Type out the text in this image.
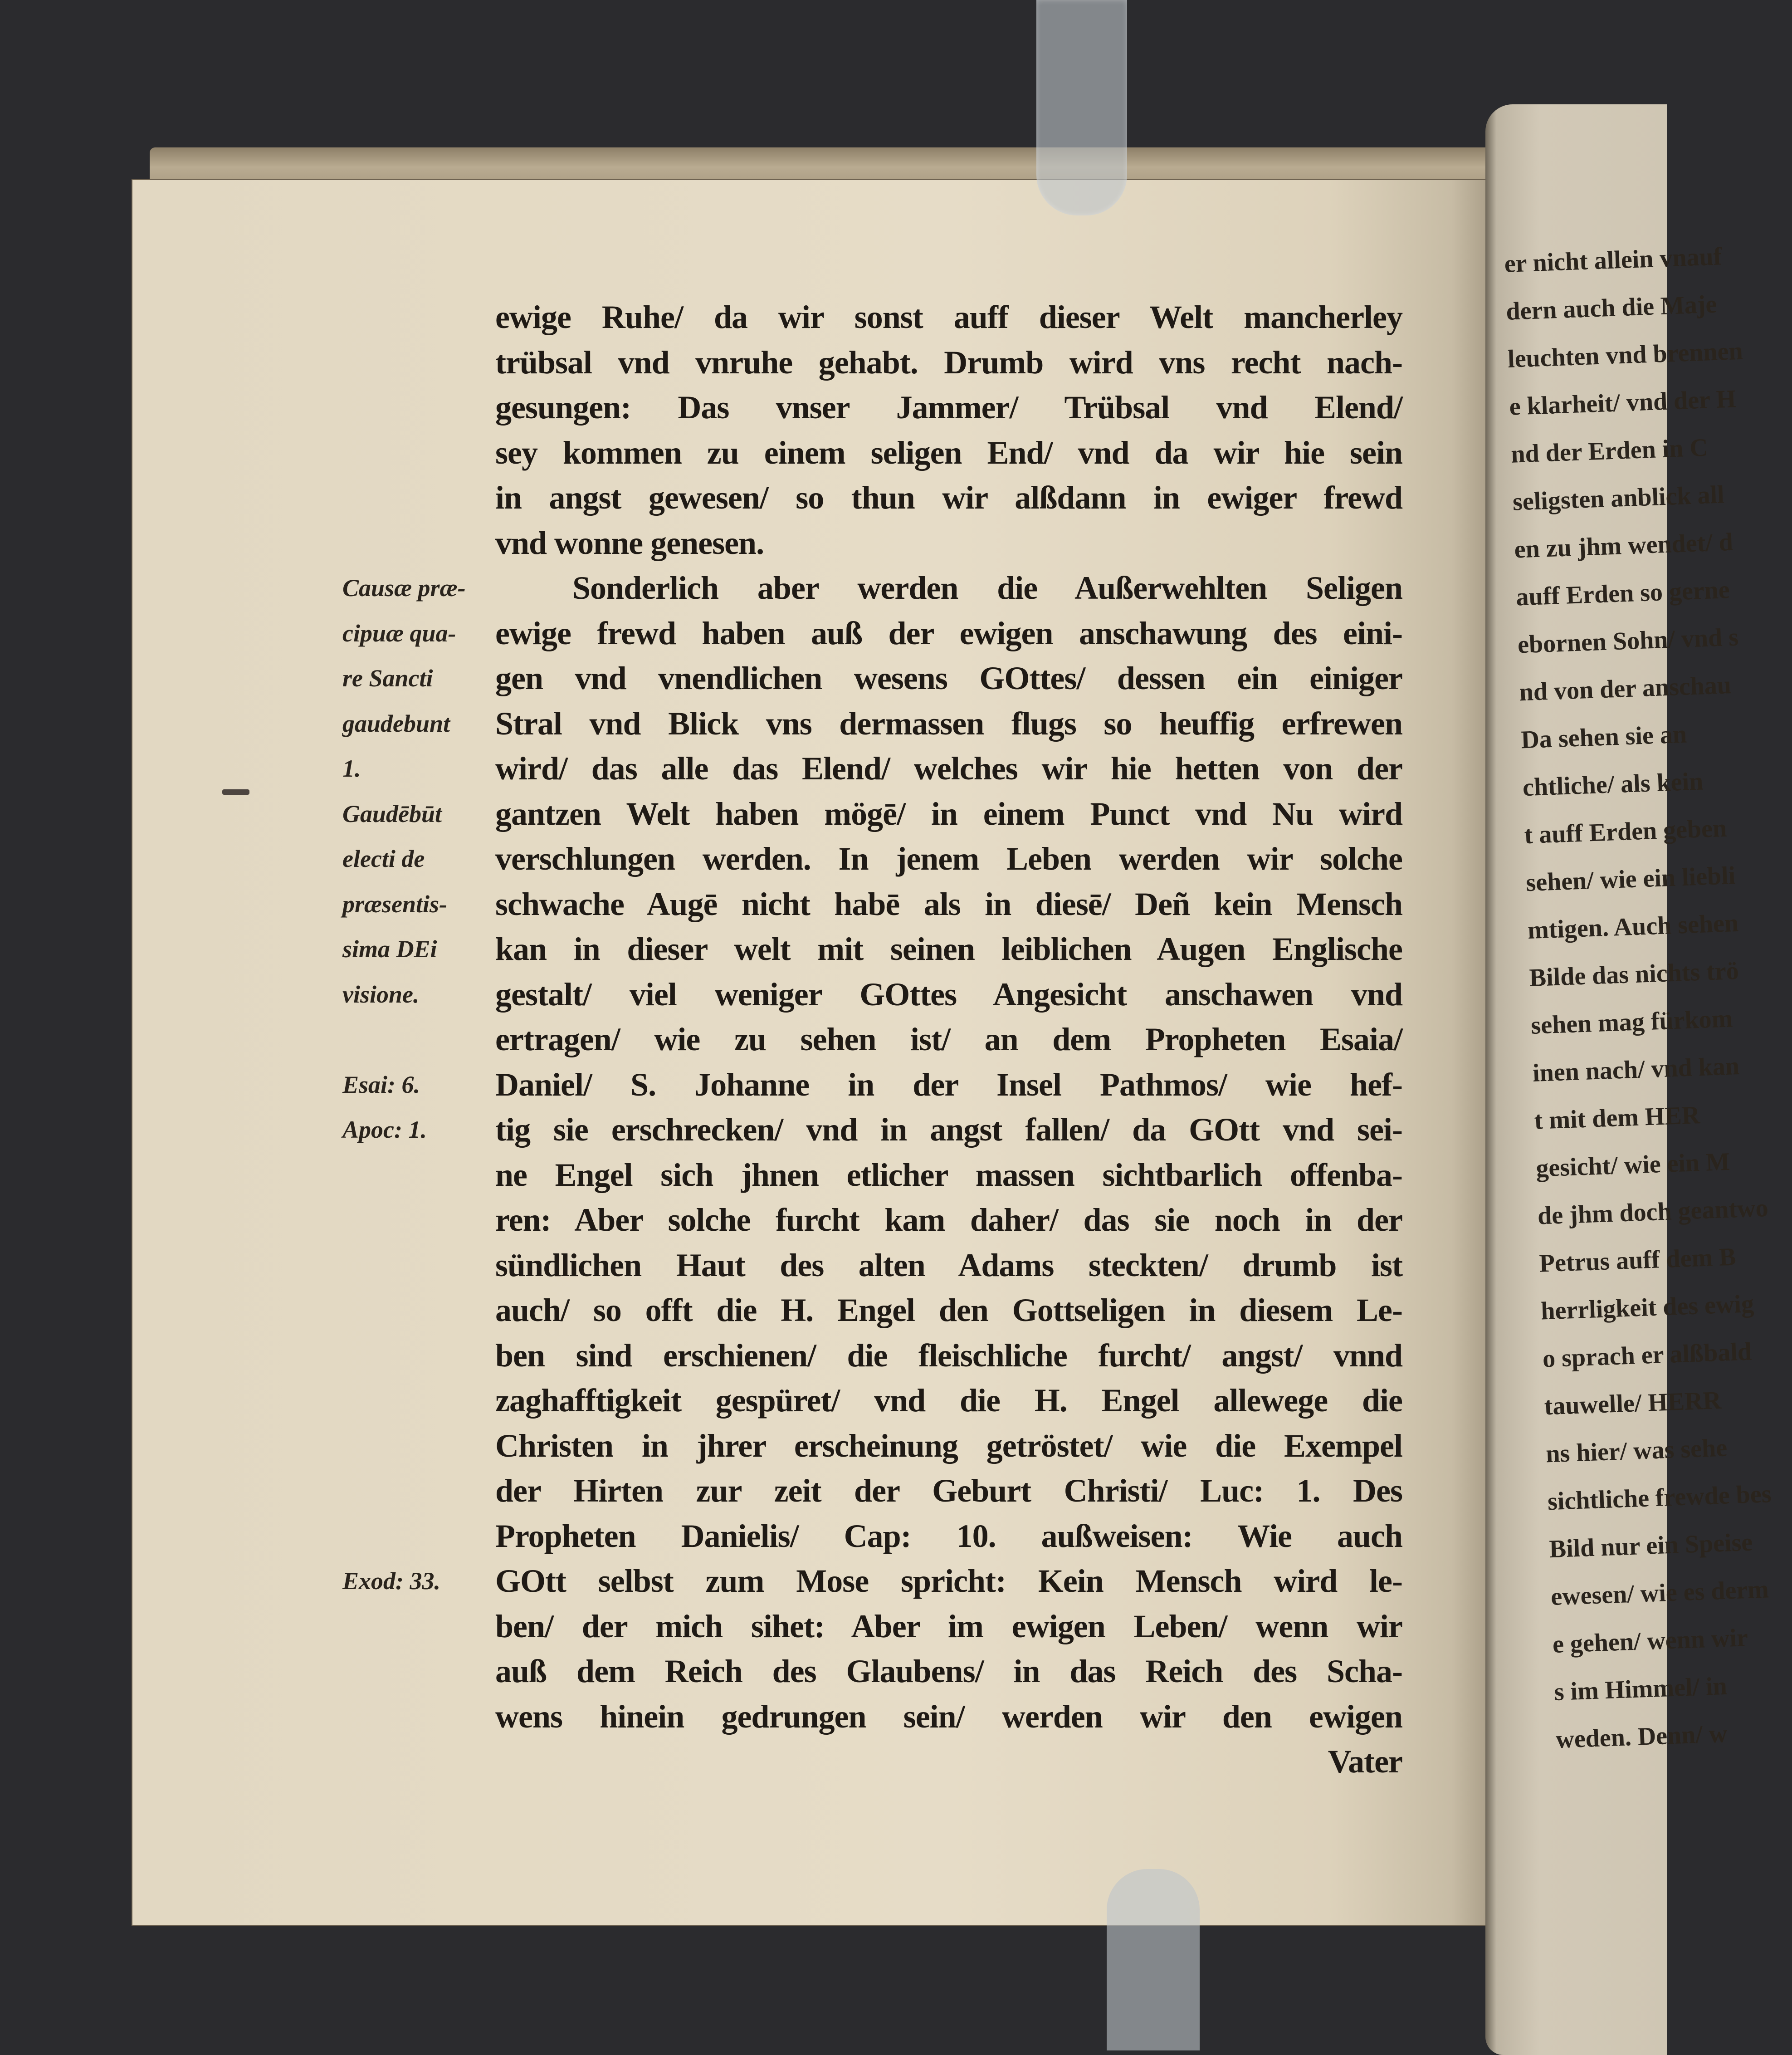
er nicht allein vnauf
dern auch die Maje
leuchten vnd brennen
e klarheit/ vnd der H
nd der Erden in C
seligsten anblick all
en zu jhm wendet/ d
auff Erden so gerne
ebornen Sohn/ vnd s
nd von der anschau
Da sehen sie an
chtliche/ als kein
t auff Erden geben
sehen/ wie ein liebli
mtigen. Auch sehen
Bilde das nichts trö
sehen mag fürkom
inen nach/ vnd kan
t mit dem HER
gesicht/ wie ein M
de jhm doch geantwo
Petrus auff dem B
herrligkeit des ewig
o sprach er alßbald
tauwelle/ HERR
ns hier/ was sehe
sichtliche frewde bes
Bild nur ein Speise
ewesen/ wie es derm
e gehen/ wenn wir
s im Himmel/ in
weden. Denn/ w
ewige Ruhe/ da wir sonst auff dieser Welt mancherley
trübsal vnd vnruhe gehabt. Drumb wird vns recht nach-
gesungen: Das vnser Jammer/ Trübsal vnd Elend/
sey kommen zu einem seligen End/ vnd da wir hie sein
in angst gewesen/ so thun wir alßdann in ewiger frewd
vnd wonne genesen.
Sonderlich aber werden die Außerwehlten Seligen
ewige frewd haben auß der ewigen anschawung des eini-
gen vnd vnendlichen wesens GOttes/ dessen ein einiger
Stral vnd Blick vns dermassen flugs so heuffig erfrewen
wird/ das alle das Elend/ welches wir hie hetten von der
gantzen Welt haben mögē/ in einem Punct vnd Nu wird
verschlungen werden. In jenem Leben werden wir solche
schwache Augē nicht habē als in diesē/ Deñ kein Mensch
kan in dieser welt mit seinen leiblichen Augen Englische
gestalt/ viel weniger GOttes Angesicht anschawen vnd
ertragen/ wie zu sehen ist/ an dem Propheten Esaia/
Daniel/ S. Johanne in der Insel Pathmos/ wie hef-
tig sie erschrecken/ vnd in angst fallen/ da GOtt vnd sei-
ne Engel sich jhnen etlicher massen sichtbarlich offenba-
ren: Aber solche furcht kam daher/ das sie noch in der
sündlichen Haut des alten Adams steckten/ drumb ist
auch/ so offt die H. Engel den Gottseligen in diesem Le-
ben sind erschienen/ die fleischliche furcht/ angst/ vnnd
zaghafftigkeit gespüret/ vnd die H. Engel allewege die
Christen in jhrer erscheinung getröstet/ wie die Exempel
der Hirten zur zeit der Geburt Christi/ Luc: 1. Des
Propheten Danielis/ Cap: 10. außweisen: Wie auch
GOtt selbst zum Mose spricht: Kein Mensch wird le-
ben/ der mich sihet: Aber im ewigen Leben/ wenn wir
auß dem Reich des Glaubens/ in das Reich des Scha-
wens hinein gedrungen sein/ werden wir den ewigen
Vater
Causæ præ-
cipuæ qua-
re Sancti
gaudebunt
1.
Gaudēbūt
electi de
præsentis-
sima DEi
visione.
Esai: 6.
Apoc: 1.
Exod: 33.
